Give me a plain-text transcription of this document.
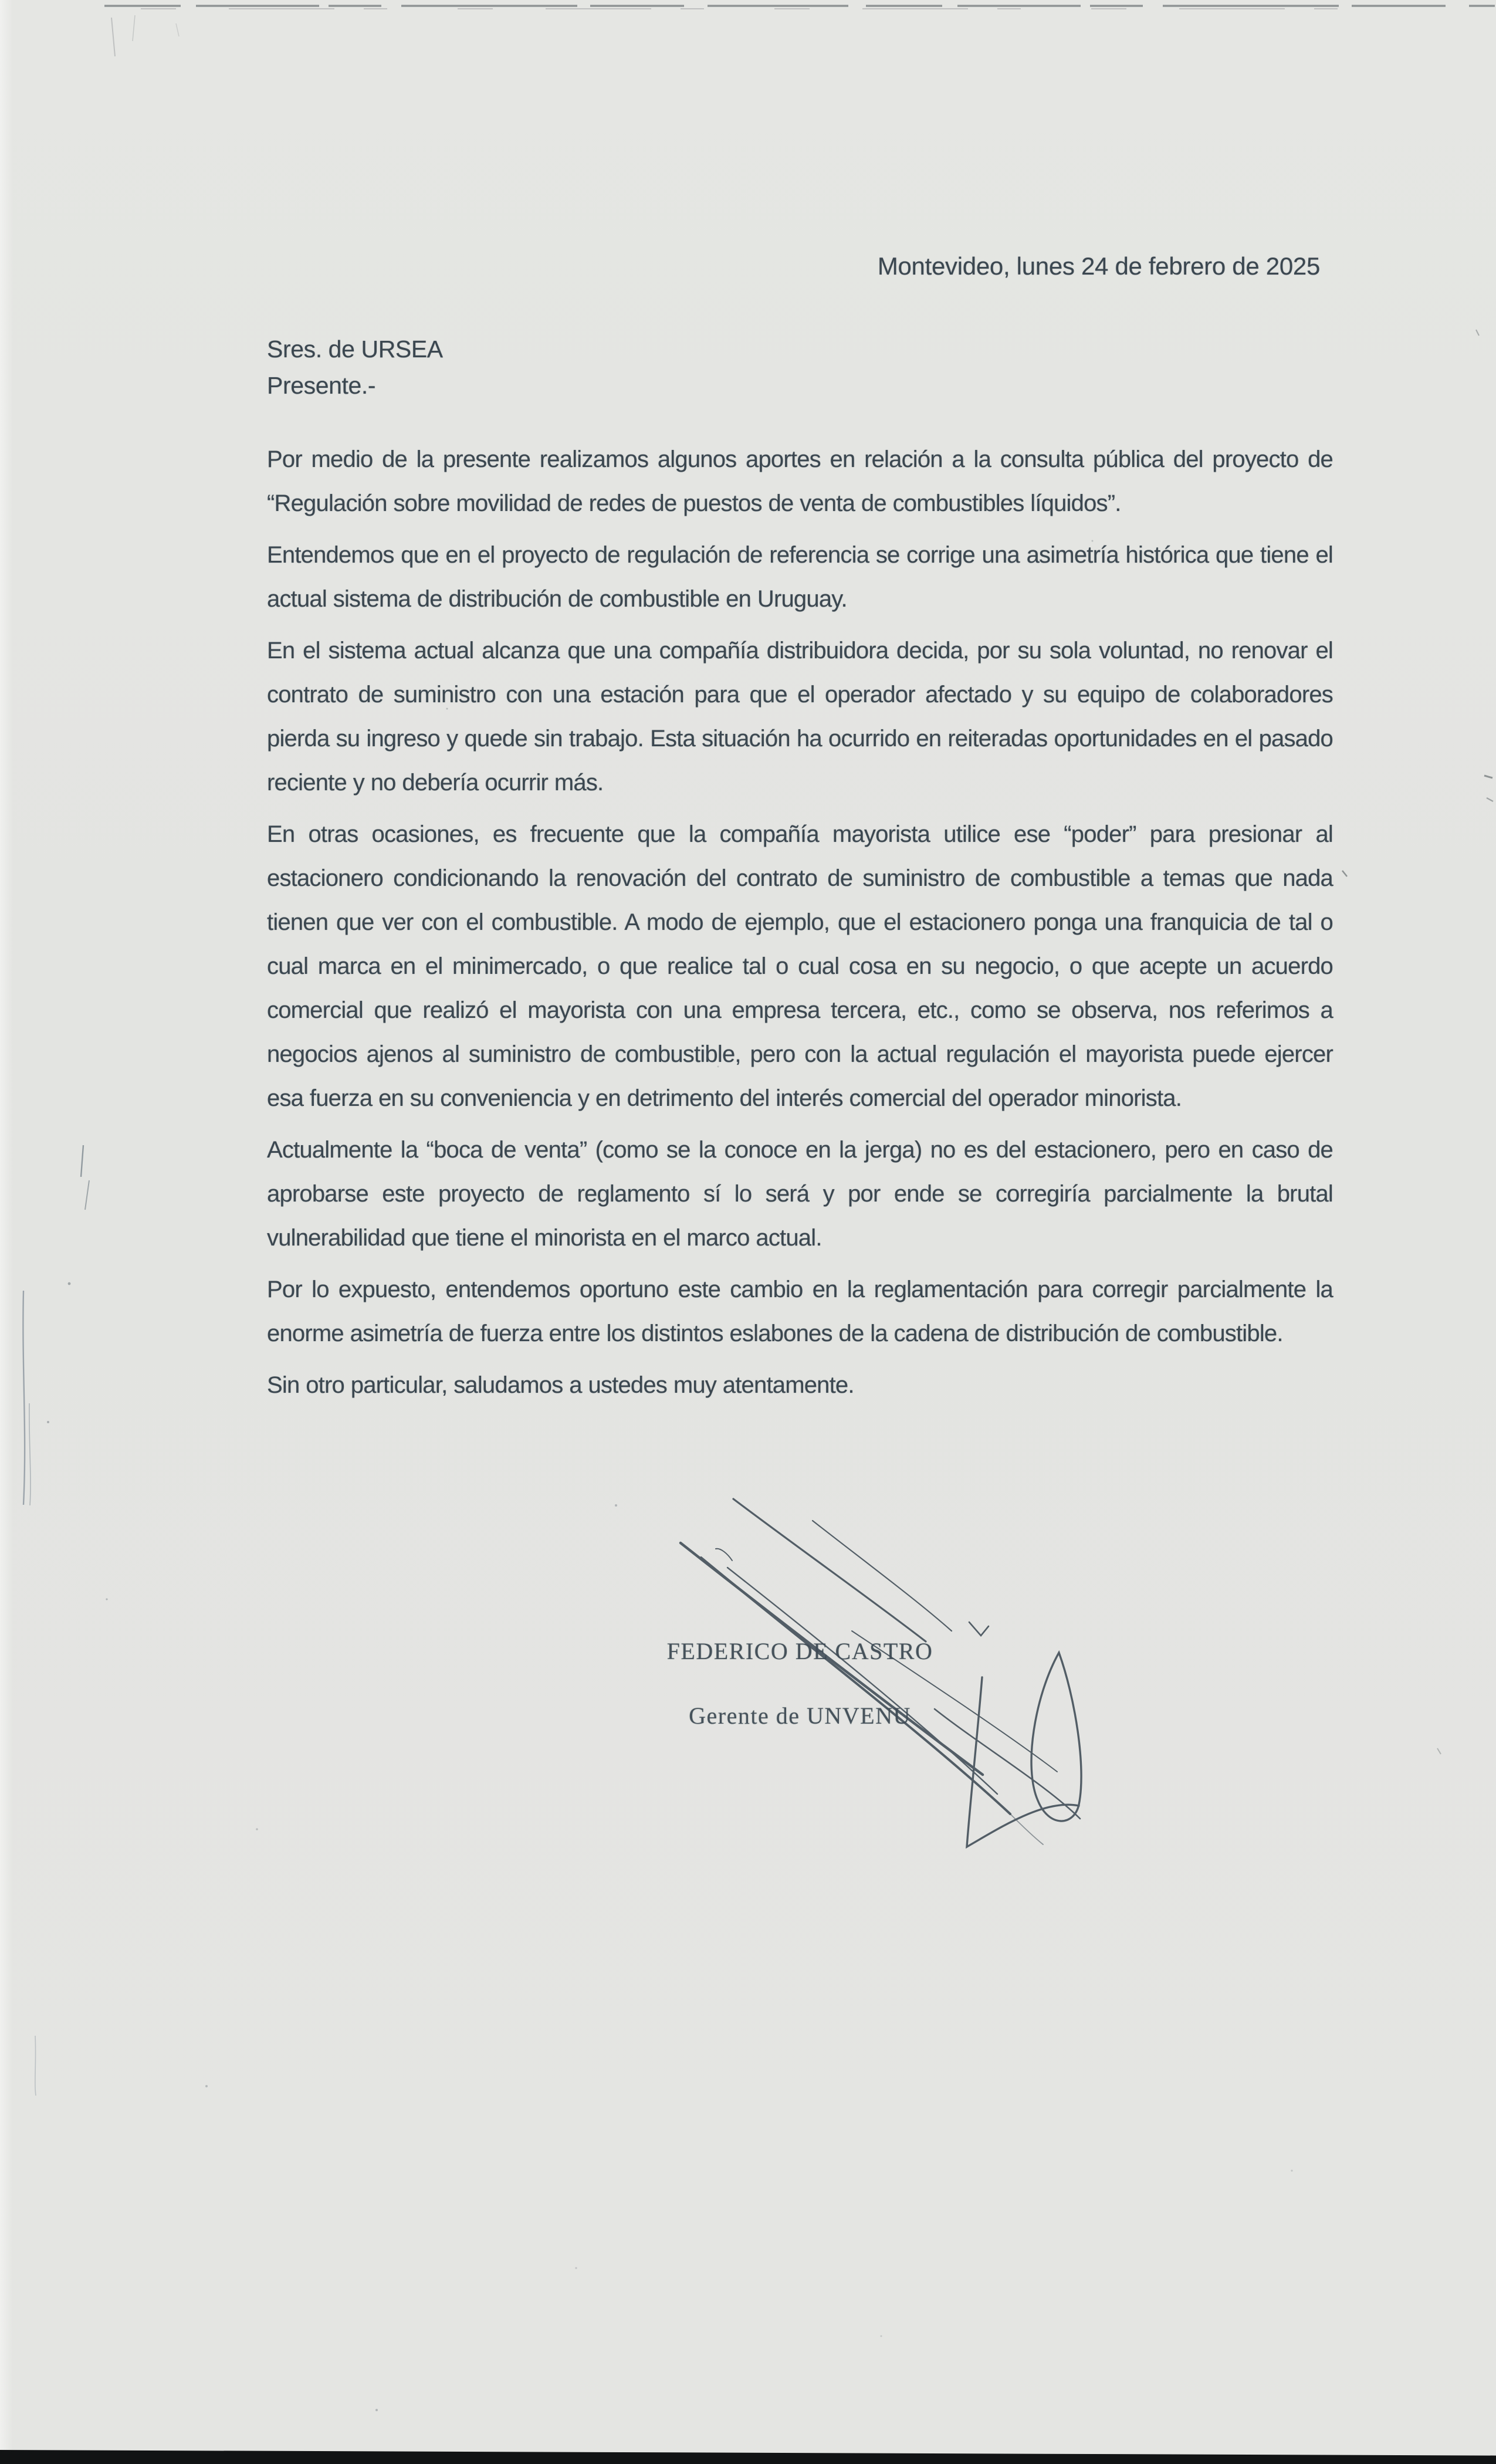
Montevideo, lunes 24 de febrero de 2025
Sres. de URSEA
Presente.-

Por medio de la presente realizamos algunos aportes en relación a la consulta pública del proyecto de “Regulación sobre movilidad de redes de puestos de venta de combustibles líquidos”.

Entendemos que en el proyecto de regulación de referencia se corrige una asimetría histórica que tiene el actual sistema de distribución de combustible en Uruguay.

En el sistema actual alcanza que una compañía distribuidora decida, por su sola voluntad, no renovar el contrato de suministro con una estación para que el operador afectado y su equipo de colaboradores pierda su ingreso y quede sin trabajo. Esta situación ha ocurrido en reiteradas oportunidades en el pasado reciente y no debería ocurrir más.

En otras ocasiones, es frecuente que la compañía mayorista utilice ese “poder” para presionar al estacionero condicionando la renovación del contrato de suministro de combustible a temas que nada tienen que ver con el combustible. A modo de ejemplo, que el estacionero ponga una franquicia de tal o cual marca en el minimercado, o que realice tal o cual cosa en su negocio, o que acepte un acuerdo comercial que realizó el mayorista con una empresa tercera, etc., como se observa, nos referimos a negocios ajenos al suministro de combustible, pero con la actual regulación el mayorista puede ejercer esa fuerza en su conveniencia y en detrimento del interés comercial del operador minorista.

Actualmente la “boca de venta” (como se la conoce en la jerga) no es del estacionero, pero en caso de aprobarse este proyecto de reglamento sí lo será y por ende se corregiría parcialmente la brutal vulnerabilidad que tiene el minorista en el marco actual.

Por lo expuesto, entendemos oportuno este cambio en la reglamentación para corregir parcialmente la enorme asimetría de fuerza entre los distintos eslabones de la cadena de distribución de combustible.

Sin otro particular, saludamos a ustedes muy atentamente.

FEDERICO DE CASTRO
Gerente de UNVENU
